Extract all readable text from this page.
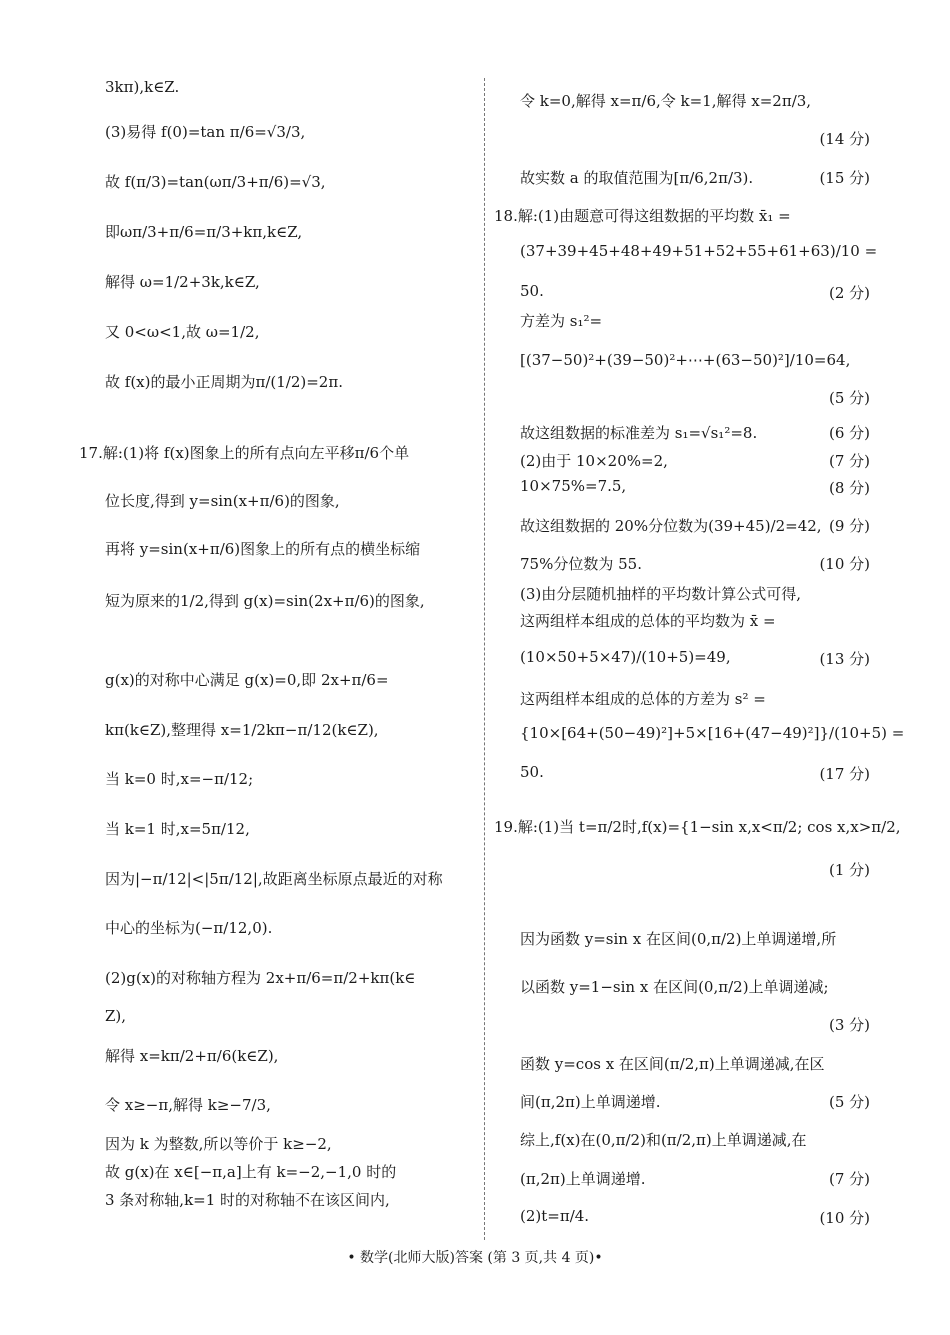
3kπ),k∈Z.
(3)易得 f(0)=tan π/6=√3/3,
故 f(π/3)=tan(ωπ/3+π/6)=√3,
即ωπ/3+π/6=π/3+kπ,k∈Z,
解得 ω=1/2+3k,k∈Z,
又 0<ω<1,故 ω=1/2,
故 f(x)的最小正周期为π/(1/2)=2π.
17.解:(1)将 f(x)图象上的所有点向左平移π/6个单
位长度,得到 y=sin(x+π/6)的图象,
再将 y=sin(x+π/6)图象上的所有点的横坐标缩
短为原来的1/2,得到 g(x)=sin(2x+π/6)的图象,
g(x)的对称中心满足 g(x)=0,即 2x+π/6=
kπ(k∈Z),整理得 x=1/2kπ−π/12(k∈Z),
当 k=0 时,x=−π/12;
当 k=1 时,x=5π/12,
因为|−π/12|<|5π/12|,故距离坐标原点最近的对称
中心的坐标为(−π/12,0).
(2)g(x)的对称轴方程为 2x+π/6=π/2+kπ(k∈
Z),
解得 x=kπ/2+π/6(k∈Z),
令 x≥−π,解得 k≥−7/3,
因为 k 为整数,所以等价于 k≥−2,
故 g(x)在 x∈[−π,a]上有 k=−2,−1,0 时的
3 条对称轴,k=1 时的对称轴不在该区间内,
令 k=0,解得 x=π/6,令 k=1,解得 x=2π/3,
(14 分)
故实数 a 的取值范围为[π/6,2π/3).	(15 分)
18.解:(1)由题意可得这组数据的平均数 x̄₁ =
(37+39+45+48+49+51+52+55+61+63)/10 =
50.	(2 分)
方差为 s₁²=
[(37−50)²+(39−50)²+⋯+(63−50)²]/10=64,
(5 分)
故这组数据的标准差为 s₁=√s₁²=8.	(6 分)
(2)由于 10×20%=2,	(7 分)
10×75%=7.5,	(8 分)
故这组数据的 20%分位数为(39+45)/2=42, (9 分)
75%分位数为 55.	(10 分)
(3)由分层随机抽样的平均数计算公式可得,
这两组样本组成的总体的平均数为 x̄ =
(10×50+5×47)/(10+5)=49,	(13 分)
这两组样本组成的总体的方差为 s² =
{10×[64+(50−49)²]+5×[16+(47−49)²]}/(10+5) =
50.	(17 分)
19.解:(1)当 t=π/2时,f(x)={1−sin x,x<π/2; cos x,x>π/2,
(1 分)
因为函数 y=sin x 在区间(0,π/2)上单调递增,所
以函数 y=1−sin x 在区间(0,π/2)上单调递减;
(3 分)
函数 y=cos x 在区间(π/2,π)上单调递减,在区
间(π,2π)上单调递增.	(5 分)
综上,f(x)在(0,π/2)和(π/2,π)上单调递减,在
(π,2π)上单调递增.	(7 分)
(2)t=π/4.	(10 分)
• 数学(北师大版)答案 (第 3 页,共 4 页)•
